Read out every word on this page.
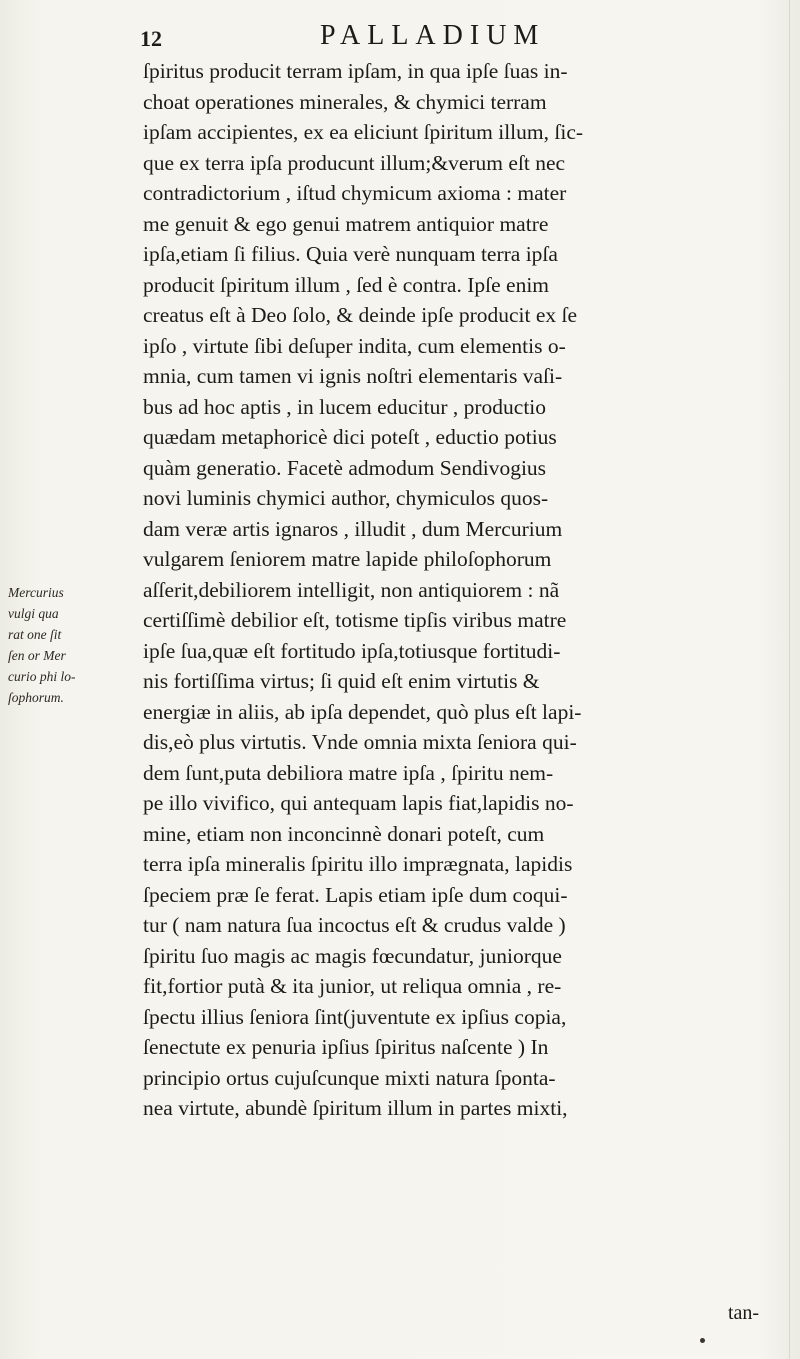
12	PALLADIUM
ſpiritus producit terram ipſam, in qua ipſe ſuas in-
choat operationes minerales, & chymici terram
ipſam accipientes, ex ea eliciunt ſpiritum illum, ſic-
que ex terra ipſa producunt illum;&verum eſt nec
contradictorium , iſtud chymicum axioma : mater
me genuit & ego genui matrem antiquior matre
ipſa,etiam ſi filius. Quia verè nunquam terra ipſa
producit ſpiritum illum , ſed è contra. Ipſe enim
creatus eſt à Deo ſolo, & deinde ipſe producit ex ſe
ipſo , virtute ſibi deſuper indita, cum elementis o-
mnia, cum tamen vi ignis noſtri elementaris vaſi-
bus ad hoc aptis , in lucem educitur , productio
quædam metaphoricè dici poteſt , eductio potius
quàm generatio. Facetè admodum Sendivogius
novi luminis chymici author, chymiculos quos-
dam veræ artis ignaros , illudit , dum Mercurium
vulgarem ſeniorem matre lapide philoſophorum
aſſerit,debiliorem intelligit, non antiquiorem : nã
certiſſimè debilior eſt, totisme tipſis viribus matre
ipſe ſua,quæ eſt fortitudo ipſa,totiusque fortitudi-
nis fortiſſima virtus; ſi quid eſt enim virtutis &
energiæ in aliis, ab ipſa dependet, quò plus eſt lapi-
dis,eò plus virtutis. Vnde omnia mixta ſeniora qui-
dem ſunt,puta debiliora matre ipſa , ſpiritu nem-
pe illo vivifico, qui antequam lapis fiat,lapidis no-
mine, etiam non inconcinnè donari poteſt, cum
terra ipſa mineralis ſpiritu illo imprægnata, lapidis
ſpeciem præ ſe ferat. Lapis etiam ipſe dum coqui-
tur ( nam natura ſua incoctus eſt & crudus valde )
ſpiritu ſuo magis ac magis fœcundatur, juniorque
fit,fortior putà & ita junior, ut reliqua omnia , re-
ſpectu illius ſeniora ſint(juventute ex ipſius copia,
ſenectute ex penuria ipſius ſpiritus naſcente ) In
principio ortus cujuſcunque mixti natura ſponta-
nea virtute, abundè ſpiritum illum in partes mixti,
tan-
Mercurius
vulgi qua
rat one ſit
ſen or Mer
curio phi lo-
ſophorum.
